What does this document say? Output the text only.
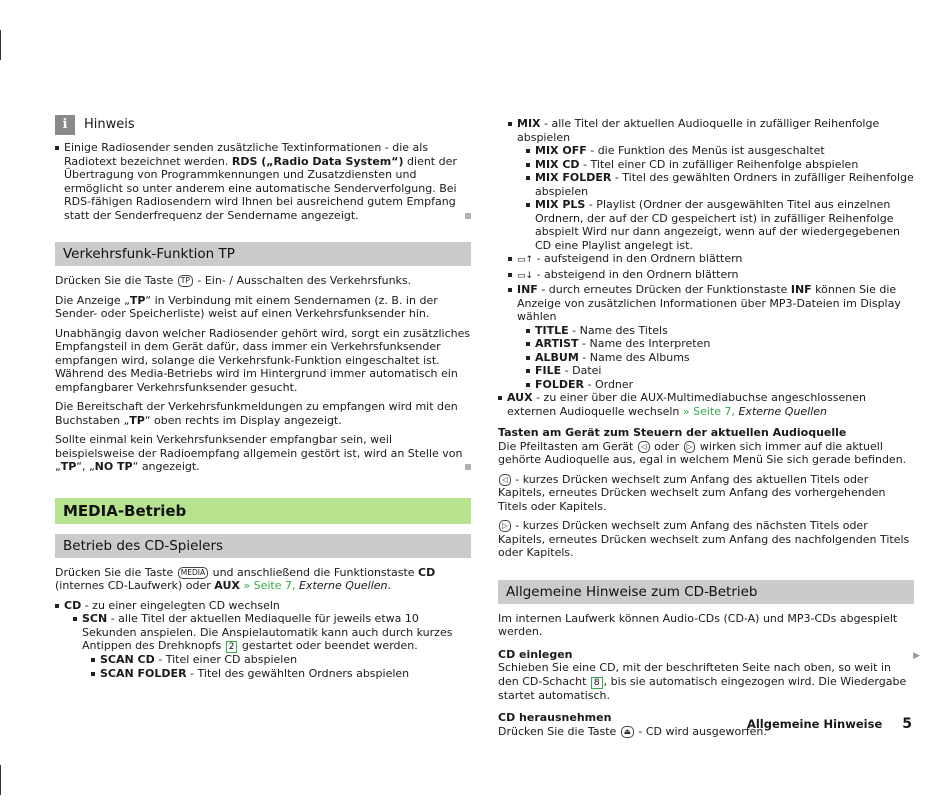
i	Hinweis
Einige Radiosender senden zusätzliche Textinformationen - die als Radiotext bezeichnet werden. RDS („Radio Data System“) dient der Übertragung von Programmkennungen und Zusatzdiensten und ermöglicht so unter anderem eine automatische Senderverfolgung. Bei RDS-fähigen Radiosendern wird Ihnen bei ausreichend gutem Empfang statt der Senderfrequenz der Sendername angezeigt.
Verkehrsfunk-Funktion TP

Drücken Sie die Taste TP - Ein- / Ausschalten des Verkehrsfunks.

Die Anzeige „TP“ in Verbindung mit einem Sendernamen (z. B. in der Sender- oder Speicherliste) weist auf einen Verkehrsfunksender hin.

Unabhängig davon welcher Radiosender gehört wird, sorgt ein zusätzliches Empfangsteil in dem Gerät dafür, dass immer ein Verkehrsfunksender empfangen wird, solange die Verkehrsfunk-Funktion eingeschaltet ist. Während des Media-Betriebs wird im Hintergrund immer automatisch ein empfangbarer Verkehrsfunksender gesucht.

Die Bereitschaft der Verkehrsfunkmeldungen zu empfangen wird mit den Buchstaben „TP“ oben rechts im Display angezeigt.

Sollte einmal kein Verkehrsfunksender empfangbar sein, weil beispielsweise der Radioempfang allgemein gestört ist, wird an Stelle von „TP“, „NO TP“ angezeigt.

MEDIA-Betrieb
Betrieb des CD-Spielers

Drücken Sie die Taste MEDIA und anschließend die Funktionstaste CD (internes CD-Laufwerk) oder AUX » Seite 7, Externe Quellen.

CD - zu einer eingelegten CD wechseln
SCN - alle Titel der aktuellen Mediaquelle für jeweils etwa 10 Sekunden anspielen. Die Anspielautomatik kann auch durch kurzes Antippen des Drehknopfs 2 gestartet oder beendet werden.
SCAN CD - Titel einer CD abspielen
SCAN FOLDER - Titel des gewählten Ordners abspielen
MIX - alle Titel der aktuellen Audioquelle in zufälliger Reihenfolge abspielen
MIX OFF - die Funktion des Menüs ist ausgeschaltet
MIX CD - Titel einer CD in zufälliger Reihenfolge abspielen
MIX FOLDER - Titel des gewählten Ordners in zufälliger Reihenfolge abspielen
MIX PLS - Playlist (Ordner der ausgewählten Titel aus einzelnen Ordnern, der auf der CD gespeichert ist) in zufälliger Reihenfolge abspielt Wird nur dann angezeigt, wenn auf der wiedergegebenen CD eine Playlist angelegt ist.
▭↑ - aufsteigend in den Ordnern blättern
▭↓ - absteigend in den Ordnern blättern
INF - durch erneutes Drücken der Funktionstaste INF können Sie die Anzeige von zusätzlichen Informationen über MP3-Dateien im Display wählen
TITLE - Name des Titels
ARTIST - Name des Interpreten
ALBUM - Name des Albums
FILE - Datei
FOLDER - Ordner
AUX - zu einer über die AUX-Multimediabuchse angeschlossenen externen Audioquelle wechseln » Seite 7, Externe Quellen

Tasten am Gerät zum Steuern der aktuellen Audioquelle
Die Pfeiltasten am Gerät ◁ oder ▷ wirken sich immer auf die aktuell gehörte Audioquelle aus, egal in welchem Menü Sie sich gerade befinden.

◁ - kurzes Drücken wechselt zum Anfang des aktuellen Titels oder Kapitels, erneutes Drücken wechselt zum Anfang des vorhergehenden Titels oder Kapitels.

▷ - kurzes Drücken wechselt zum Anfang des nächsten Titels oder Kapitels, erneutes Drücken wechselt zum Anfang des nachfolgenden Titels oder Kapitels.

Allgemeine Hinweise zum CD-Betrieb

Im internen Laufwerk können Audio-CDs (CD-A) und MP3-CDs abgespielt werden.

CD einlegen
Schieben Sie eine CD, mit der beschrifteten Seite nach oben, so weit in den CD-Schacht 8 , bis sie automatisch eingezogen wird. Die Wiedergabe startet automatisch.

CD herausnehmen
Drücken Sie die Taste ⏏ - CD wird ausgeworfen.

▶
Allgemeine Hinweise 5
